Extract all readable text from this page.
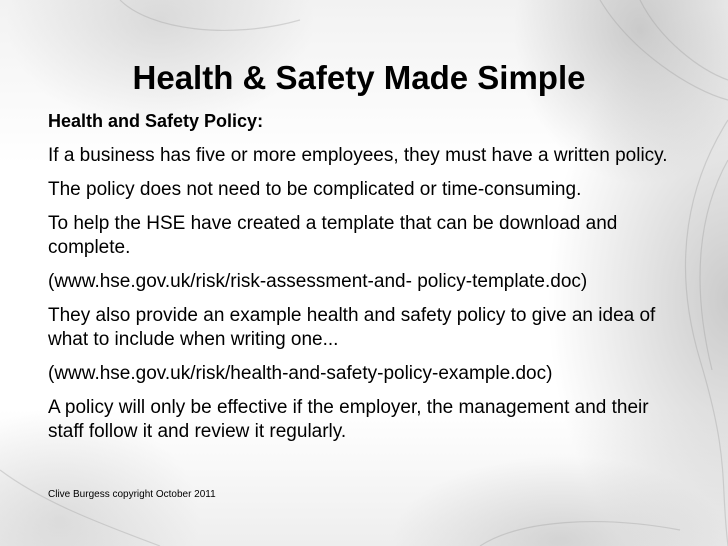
Health & Safety Made Simple

Health and Safety Policy:

If a business has five or more employees, they must have a written policy.

The policy does not need to be complicated or time-consuming.

To help the HSE have created a template that can be download and complete.

(www.hse.gov.uk/risk/risk-assessment-and- policy-template.doc)

They also provide an example health and safety policy to give an idea of what to include when writing one...

(www.hse.gov.uk/risk/health-and-safety-policy-example.doc)

A policy will only be effective if the employer, the management and their staff follow it and review it regularly.

Clive Burgess copyright October 2011
